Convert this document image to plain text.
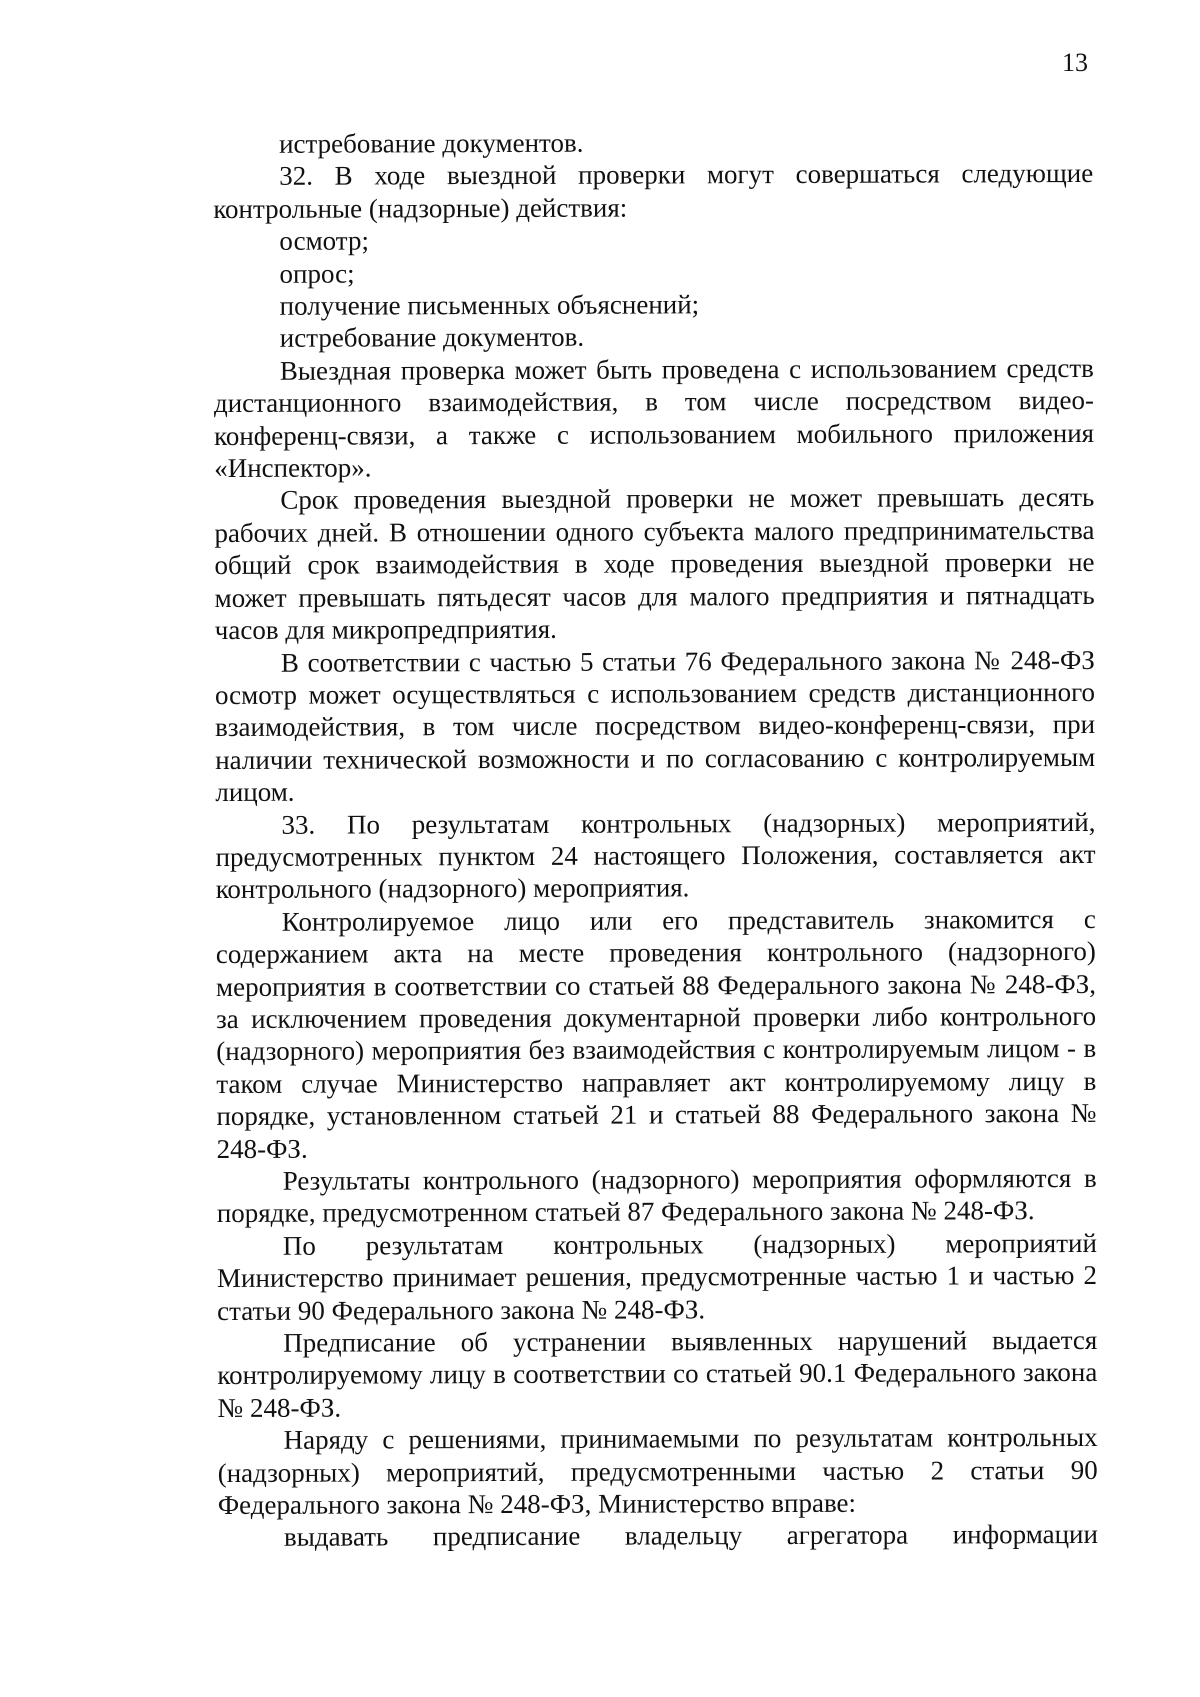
13

истребование документов.

32. В ходе выездной проверки могут совершаться следующие контрольные (надзорные) действия:

осмотр;

опрос;

получение письменных объяснений;

истребование документов.

Выездная проверка может быть проведена с использованием средств дистанционного взаимодействия, в том числе посредством видео-конференц-связи, а также с использованием мобильного приложения «Инспектор».

Срок проведения выездной проверки не может превышать десять рабочих дней. В отношении одного субъекта малого предпринимательства общий срок взаимодействия в ходе проведения выездной проверки не может превышать пятьдесят часов для малого предприятия и пятнадцать часов для микропредприятия.

В соответствии с частью 5 статьи 76 Федерального закона № 248-ФЗ осмотр может осуществляться с использованием средств дистанционного взаимодействия, в том числе посредством видео-конференц-связи, при наличии технической возможности и по согласованию с контролируемым лицом.

33. По результатам контрольных (надзорных) мероприятий, предусмотренных пунктом 24 настоящего Положения, составляется акт контрольного (надзорного) мероприятия.

Контролируемое лицо или его представитель знакомится с содержанием акта на месте проведения контрольного (надзорного) мероприятия в соответствии со статьей 88 Федерального закона № 248-ФЗ, за исключением проведения документарной проверки либо контрольного (надзорного) мероприятия без взаимодействия с контролируемым лицом - в таком случае Министерство направляет акт контролируемому лицу в порядке, установленном статьей 21 и статьей 88 Федерального закона № 248-ФЗ.

Результаты контрольного (надзорного) мероприятия оформляются в порядке, предусмотренном статьей 87 Федерального закона № 248-ФЗ.

По результатам контрольных (надзорных) мероприятий Министерство принимает решения, предусмотренные частью 1 и частью 2 статьи 90 Федерального закона № 248-ФЗ.

Предписание об устранении выявленных нарушений выдается контролируемому лицу в соответствии со статьей 90.1 Федерального закона № 248-ФЗ.

Наряду с решениями, принимаемыми по результатам контрольных (надзорных) мероприятий, предусмотренными частью 2 статьи 90 Федерального закона № 248-ФЗ, Министерство вправе:

выдавать предписание владельцу агрегатора информации
